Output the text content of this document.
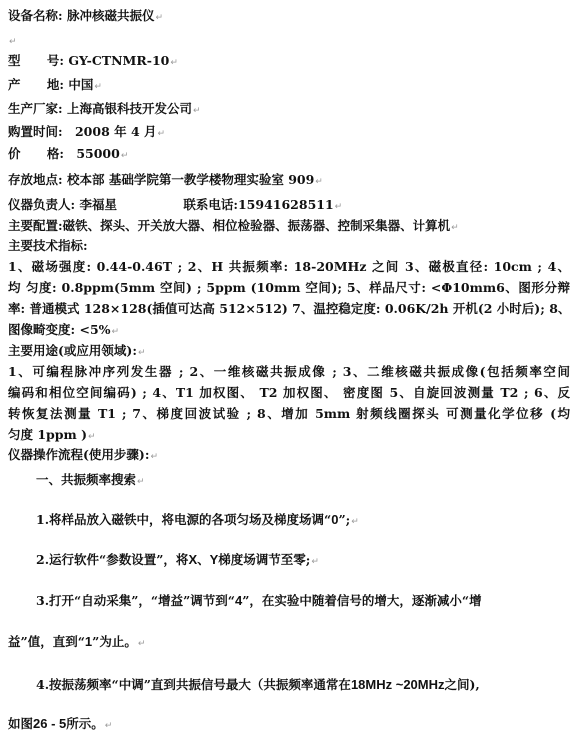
设备名称: 脉冲核磁共振仪↵
↵
型 号: GY-CTNMR-10↵
产 地: 中国↵
生产厂家: 上海高银科技开发公司↵
购置时间: 2008 年 4 月↵
价 格: 55000↵
存放地点: 校本部 基础学院第一教学楼物理实验室 909↵
仪器负责人: 李福星	联系电话:15941628511↵
主要配置:磁铁、探头、开关放大器、相位检验器、振荡器、控制采集器、计算机↵
主要技术指标:
1、磁场强度: 0.44-0.46T ; 2、H 共振频率: 18-20MHz 之间 3、磁极直径: 10cm ; 4、
均 匀度: 0.8ppm(5mm 空间) ; 5ppm (10mm 空间); 5、样品尺寸: <Φ10mm6、图形分辩
率: 普通模式 128×128(插值可达高 512×512) 7、温控稳定度: 0.06K/2h 开机(2 小时后); 8、
图像畸变度: <5%↵
主要用途(或应用领域):↵
1、可编程脉冲序列发生器 ; 2、一维核磁共振成像 ; 3、二维核磁共振成像(包括频率空间
编码和相位空间编码) ; 4、T1 加权图、 T2 加权图、 密度图 5、自旋回波测量 T2 ; 6、反
转恢复法测量 T1 ; 7、梯度回波试验 ; 8、增加 5mm 射频线圈探头 可测量化学位移 (均
匀度 1ppm )↵
仪器操作流程(使用步骤):↵
一、共振频率搜索↵
1.将样品放入磁铁中，将电源的各项匀场及梯度场调“0”;↵
2.运行软件“参数设置”，将X、Y梯度场调节至零;↵
3.打开“自动采集”，“增益”调节到“4”，在实验中随着信号的增大，逐渐减小“增
益”值，直到“1”为止。↵
4.按振荡频率“中调”直到共振信号最大（共振频率通常在18MHz ~20MHz之间),
如图26 - 5所示。↵
